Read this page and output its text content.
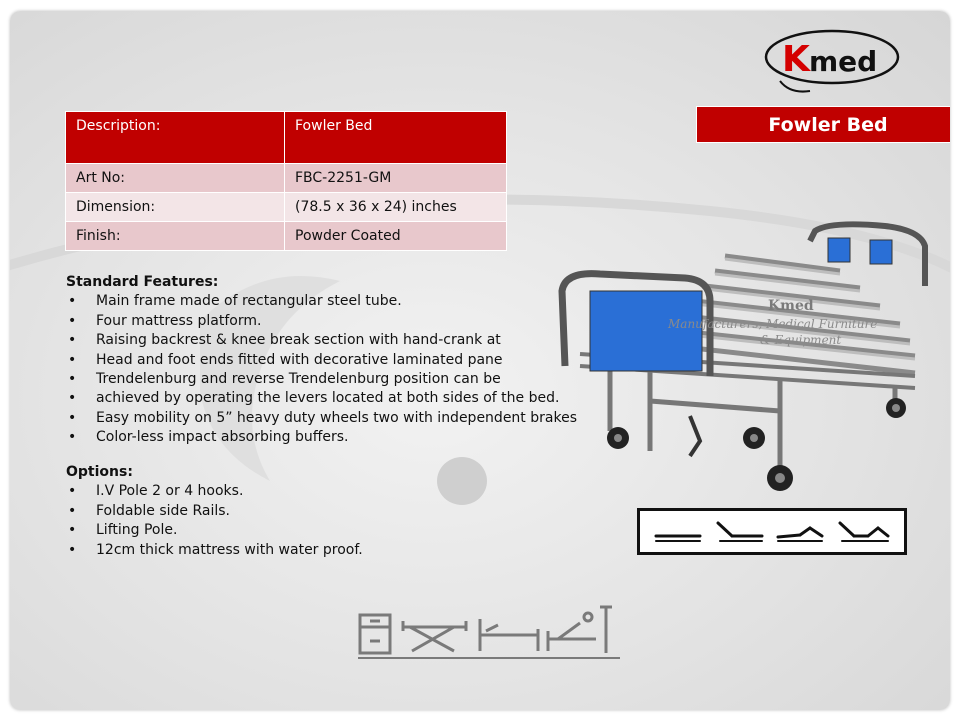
K med
Fowler Bed
Description:	Fowler Bed
Art No:	FBC-2251-GM
Dimension:	(78.5 x 36 x 24) inches
Finish:	Powder Coated
Kmed
Manufacturers, Medical Furniture
& Equipment
Standard Features:
• Main frame made of rectangular steel tube.
• Four mattress platform.
• Raising backrest & knee break section with hand-crank at
• Head and foot ends fitted with decorative laminated pane
• Trendelenburg and reverse Trendelenburg position can be
• achieved by operating the levers located at both sides of the bed.
• Easy mobility on 5” heavy duty wheels two with independent brakes
• Color-less impact absorbing buffers.
Options:
• I.V Pole 2 or 4 hooks.
• Foldable side Rails.
• Lifting Pole.
• 12cm thick mattress with water proof.
